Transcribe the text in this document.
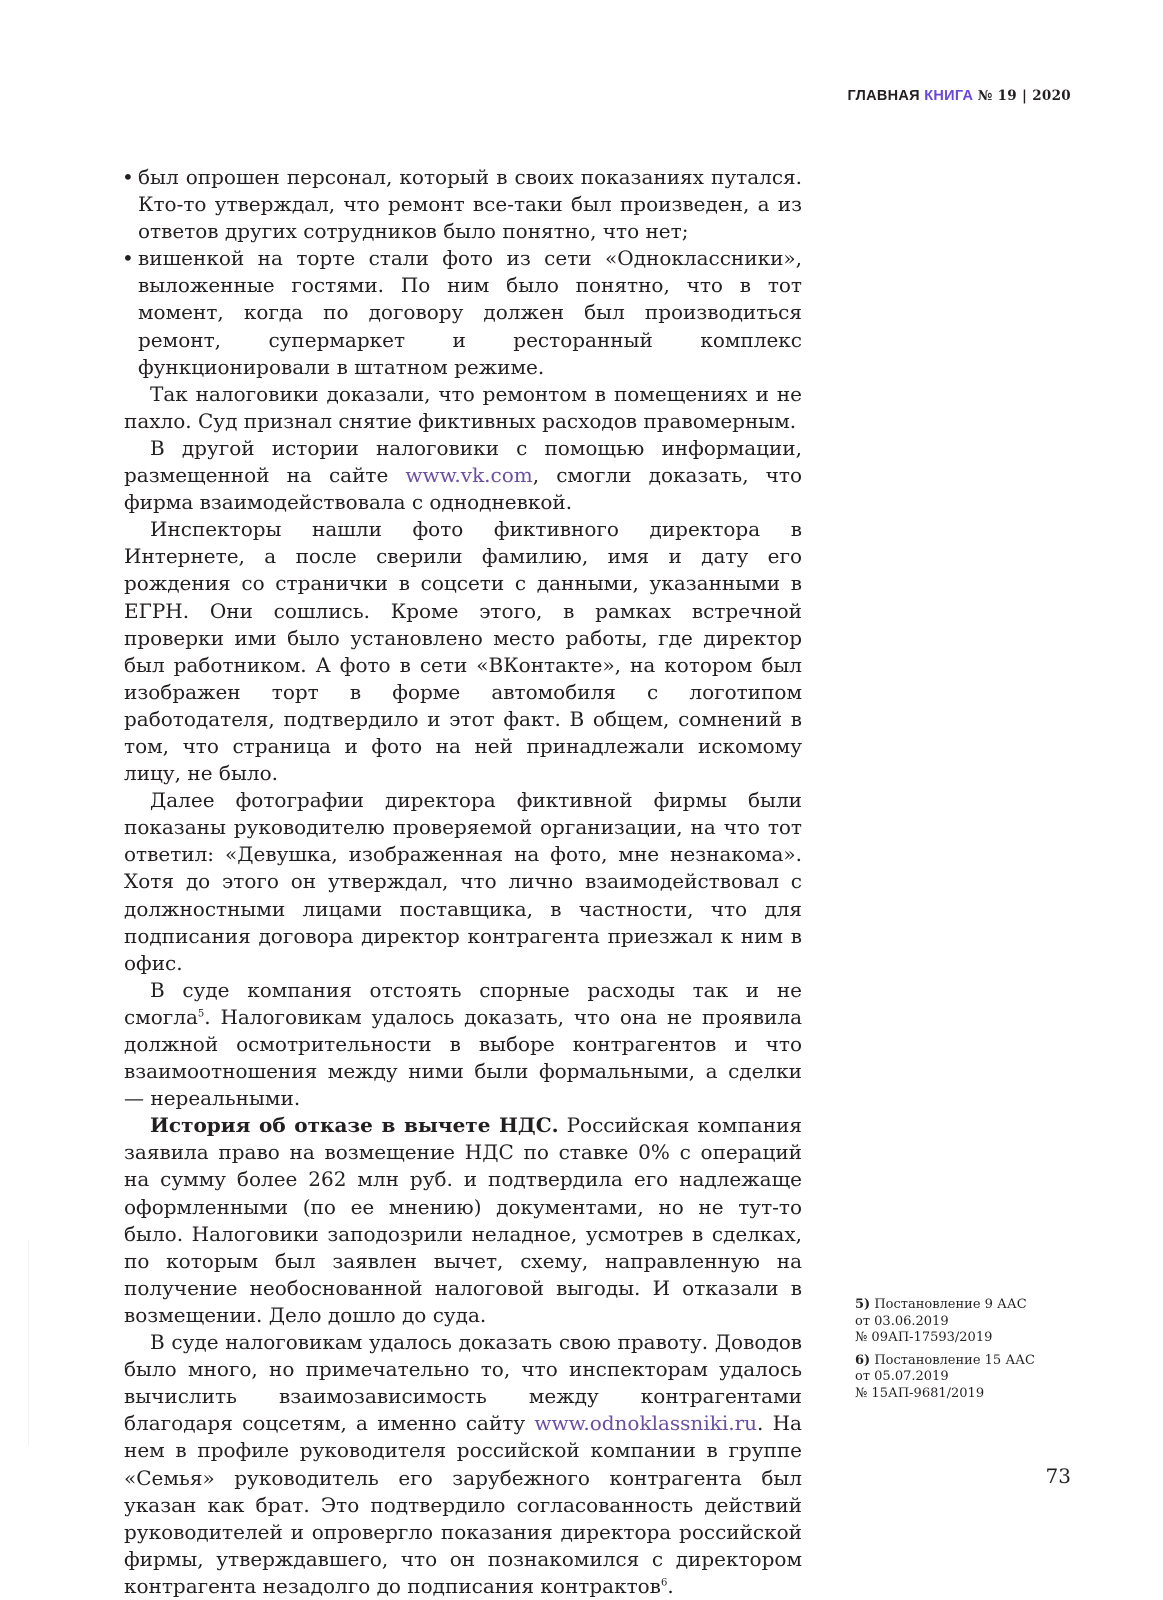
ГЛАВНАЯ КНИГА № 19 | 2020
• был опрошен персонал, который в своих показаниях путался. Кто-то утверждал, что ремонт все-таки был произведен, а из ответов других сотрудников было понятно, что нет;
• вишенкой на торте стали фото из сети «Одноклассники», выложенные гостями. По ним было понятно, что в тот момент, когда по договору должен был производиться ремонт, супермаркет и ресторанный комплекс функционировали в штатном режиме.

Так налоговики доказали, что ремонтом в помещениях и не пахло. Суд признал снятие фиктивных расходов правомерным.

В другой истории налоговики с помощью информации, размещенной на сайте www.vk.com, смогли доказать, что фирма взаимодействовала с однодневкой.

Инспекторы нашли фото фиктивного директора в Интернете, а после сверили фамилию, имя и дату его рождения со странички в соцсети с данными, указанными в ЕГРН. Они сошлись. Кроме этого, в рамках встречной проверки ими было установлено место работы, где директор был работником. А фото в сети «ВКонтакте», на котором был изображен торт в форме автомобиля с логотипом работодателя, подтвердило и этот факт. В общем, сомнений в том, что страница и фото на ней принадлежали искомому лицу, не было.

Далее фотографии директора фиктивной фирмы были показаны руководителю проверяемой организации, на что тот ответил: «Девушка, изображенная на фото, мне незнакома». Хотя до этого он утверждал, что лично взаимодействовал с должностными лицами поставщика, в частности, что для подписания договора директор контрагента приезжал к ним в офис.

В суде компания отстоять спорные расходы так и не смогла$^5$. Налоговикам удалось доказать, что она не проявила должной осмотрительности в выборе контрагентов и что взаимоотношения между ними были формальными, а сделки — нереальными.

История об отказе в вычете НДС. Российская компания заявила право на возмещение НДС по ставке 0% с операций на сумму более 262 млн руб. и подтвердила его надлежаще оформленными (по ее мнению) документами, но не тут-то было. Налоговики заподозрили неладное, усмотрев в сделках, по которым был заявлен вычет, схему, направленную на получение необоснованной налоговой выгоды. И отказали в возмещении. Дело дошло до суда.

В суде налоговикам удалось доказать свою правоту. Доводов было много, но примечательно то, что инспекторам удалось вычислить взаимозависимость между контрагентами благодаря соцсетям, а именно сайту www.odnoklassniki.ru. На нем в профиле руководителя российской компании в группе «Семья» руководитель его зарубежного контрагента был указан как брат. Это подтвердило согласованность действий руководителей и опровергло показания директора российской фирмы, утверждавшего, что он познакомился с директором контрагента незадолго до подписания контрактов$^6$.

5) Постановление 9 ААС
от 03.06.2019
№ 09АП-17593/2019
6) Постановление 15 ААС
от 05.07.2019
№ 15АП-9681/2019
73
